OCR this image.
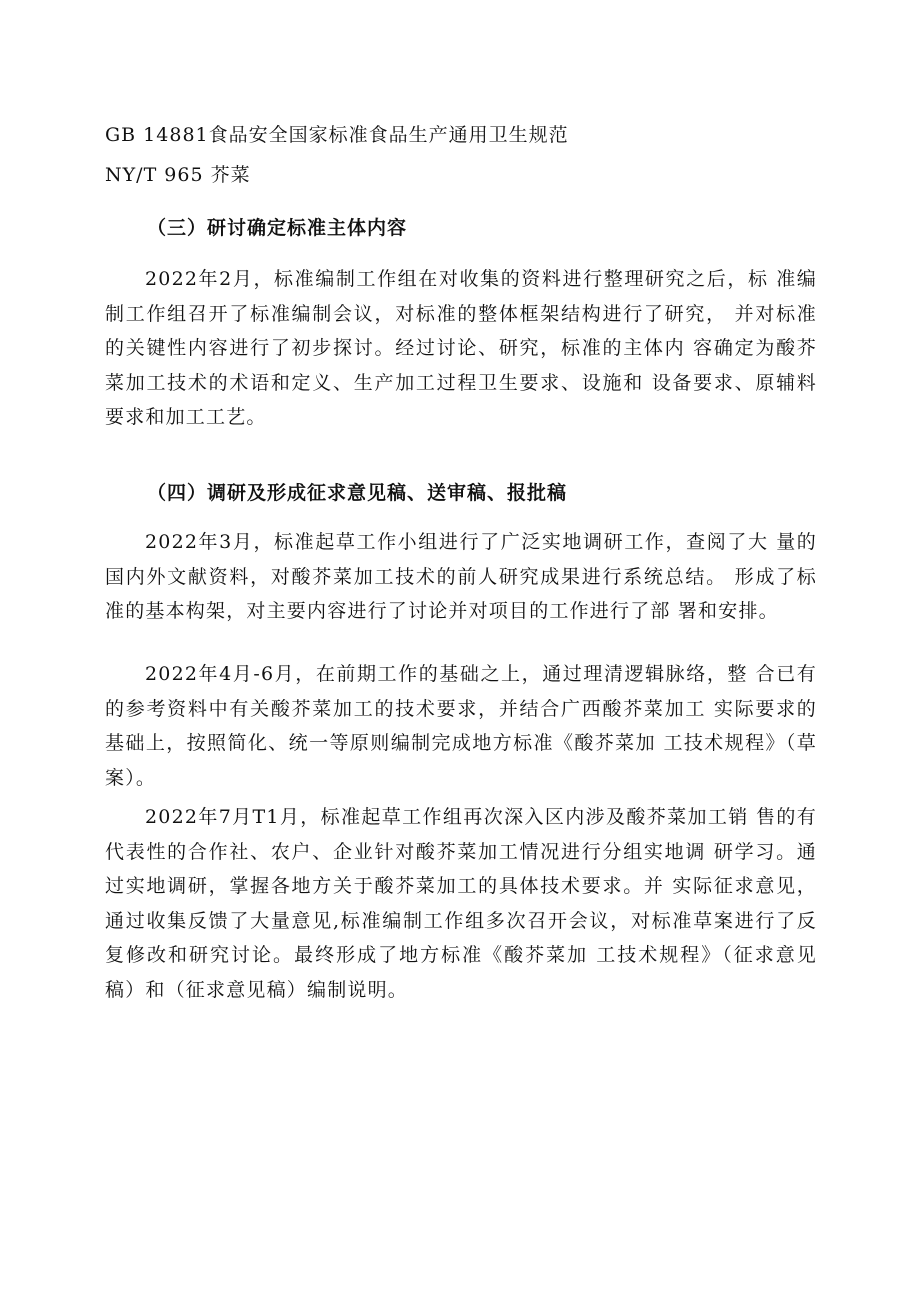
GB 14881食品安全国家标准食品生产通用卫生规范
NY/T 965 芥菜
（三）研讨确定标准主体内容

2022年2月，标准编制工作组在对收集的资料进行整理研究之后，标 准编制工作组召开了标准编制会议，对标准的整体框架结构进行了研究， 并对标准的关键性内容进行了初步探讨。经过讨论、研究，标准的主体内 容确定为酸芥菜加工技术的术语和定义、生产加工过程卫生要求、设施和 设备要求、原辅料要求和加工工艺。

（四）调研及形成征求意见稿、送审稿、报批稿

2022年3月，标准起草工作小组进行了广泛实地调研工作，查阅了大 量的国内外文献资料，对酸芥菜加工技术的前人研究成果进行系统总结。 形成了标准的基本构架，对主要内容进行了讨论并对项目的工作进行了部 署和安排。

2022年4月-6月，在前期工作的基础之上，通过理清逻辑脉络，整 合已有的参考资料中有关酸芥菜加工的技术要求，并结合广西酸芥菜加工 实际要求的基础上，按照简化、统一等原则编制完成地方标准《酸芥菜加 工技术规程》（草案）。

2022年7月T1月，标准起草工作组再次深入区内涉及酸芥菜加工销 售的有代表性的合作社、农户、企业针对酸芥菜加工情况进行分组实地调 研学习。通过实地调研，掌握各地方关于酸芥菜加工的具体技术要求。并 实际征求意见，通过收集反馈了大量意见,标准编制工作组多次召开会议，对标准草案进行了反复修改和研究讨论。最终形成了地方标准《酸芥菜加 工技术规程》（征求意见稿）和（征求意见稿）编制说明。
